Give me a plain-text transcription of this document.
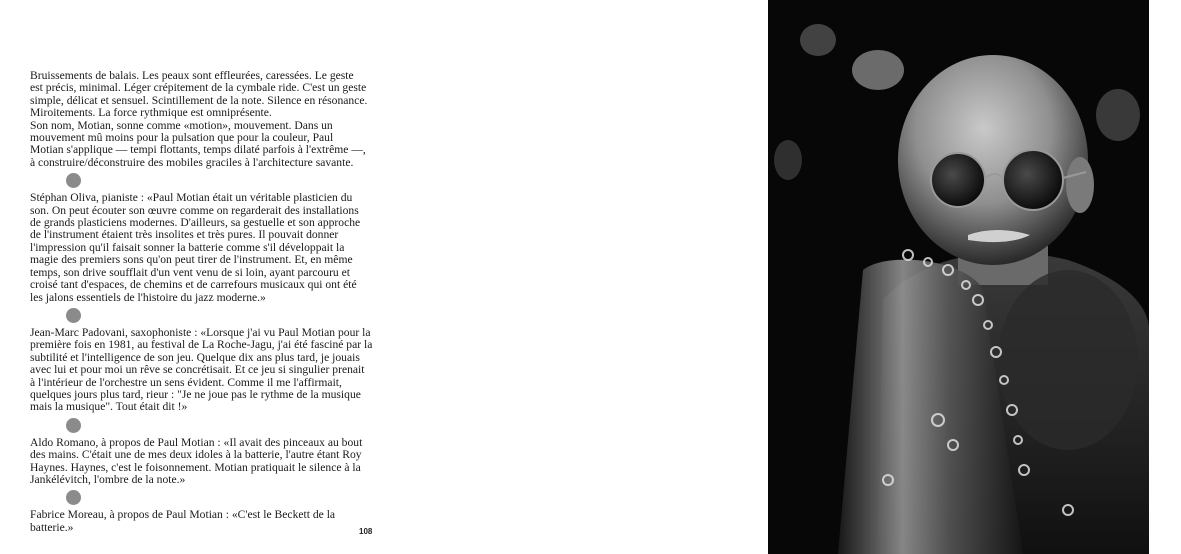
Bruissements de balais. Les peaux sont effleurées, caressées. Le geste

est précis, minimal. Léger crépitement de la cymbale ride. C'est un geste

simple, délicat et sensuel. Scintillement de la note. Silence en résonance.

Miroitements. La force rythmique est omniprésente.

Son nom, Motian, sonne comme «motion», mouvement. Dans un

mouvement mû moins pour la pulsation que pour la couleur, Paul

Motian s'applique — tempi flottants, temps dilaté parfois à l'extrême —,

à construire/déconstruire des mobiles graciles à l'architecture savante.

Stéphan Oliva, pianiste : «Paul Motian était un véritable plasticien du

son. On peut écouter son œuvre comme on regarderait des installations

de grands plasticiens modernes. D'ailleurs, sa gestuelle et son approche

de l'instrument étaient très insolites et très pures. Il pouvait donner

l'impression qu'il faisait sonner la batterie comme s'il développait la

magie des premiers sons qu'on peut tirer de l'instrument. Et, en même

temps, son drive soufflait d'un vent venu de si loin, ayant parcouru et

croisé tant d'espaces, de chemins et de carrefours musicaux qui ont été

les jalons essentiels de l'histoire du jazz moderne.»

Jean-Marc Padovani, saxophoniste : «Lorsque j'ai vu Paul Motian pour la

première fois en 1981, au festival de La Roche-Jagu, j'ai été fasciné par la

subtilité et l'intelligence de son jeu. Quelque dix ans plus tard, je jouais

avec lui et pour moi un rêve se concrétisait. Et ce jeu si singulier prenait

à l'intérieur de l'orchestre un sens évident. Comme il me l'affirmait,

quelques jours plus tard, rieur : "Je ne joue pas le rythme de la musique

mais la musique". Tout était dit !»

Aldo Romano, à propos de Paul Motian : «Il avait des pinceaux au bout

des mains. C'était une de mes deux idoles à la batterie, l'autre étant Roy

Haynes. Haynes, c'est le foisonnement. Motian pratiquait le silence à la

Jankélévitch, l'ombre de la note.»

Fabrice Moreau, à propos de Paul Motian : «C'est le Beckett de la

batterie.»	108
